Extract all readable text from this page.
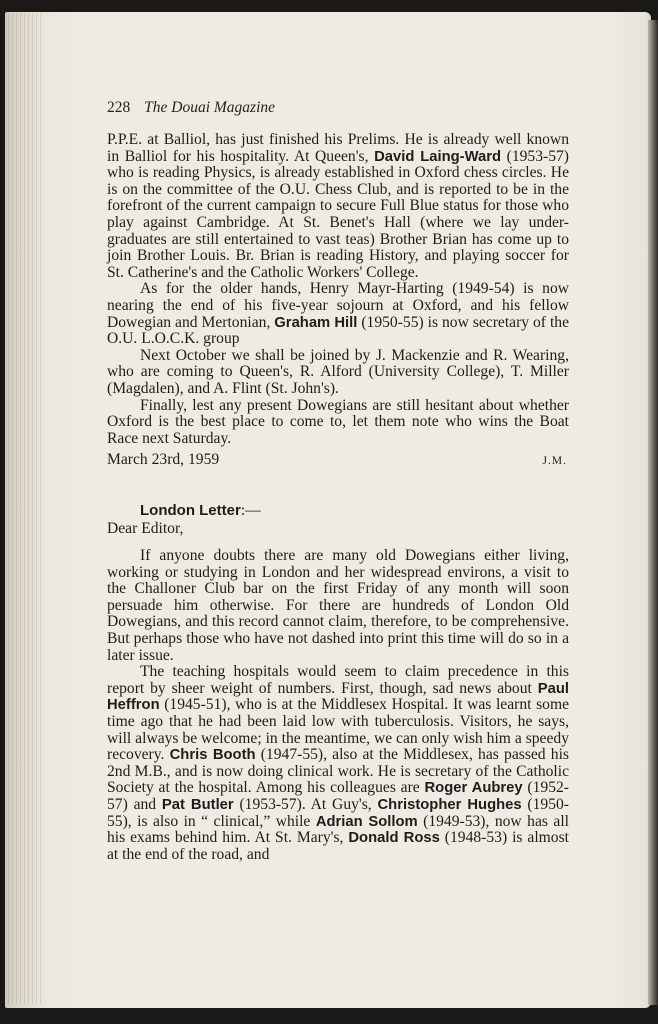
228 The Douai Magazine

P.P.E. at Balliol, has just finished his Prelims. He is already well known in Balliol for his hospitality. At Queen's, David Laing-Ward (1953-57) who is reading Physics, is already established in Oxford chess circles. He is on the committee of the O.U. Chess Club, and is reported to be in the forefront of the current campaign to secure Full Blue status for those who play against Cambridge. At St. Benet's Hall (where we lay under-graduates are still entertained to vast teas) Brother Brian has come up to join Brother Louis. Br. Brian is reading History, and playing soccer for St. Catherine's and the Catholic Workers' College.

As for the older hands, Henry Mayr-Harting (1949-54) is now nearing the end of his five-year sojourn at Oxford, and his fellow Dowegian and Mertonian, Graham Hill (1950-55) is now secretary of the O.U. L.O.C.K. group

Next October we shall be joined by J. Mackenzie and R. Wearing, who are coming to Queen's, R. Alford (University College), T. Miller (Magdalen), and A. Flint (St. John's).

Finally, lest any present Dowegians are still hesitant about whether Oxford is the best place to come to, let them note who wins the Boat Race next Saturday.

March 23rd, 1959	J.M.
London Letter:—

Dear Editor,

If anyone doubts there are many old Dowegians either living, working or studying in London and her widespread environs, a visit to the Challoner Club bar on the first Friday of any month will soon persuade him otherwise. For there are hundreds of London Old Dowegians, and this record cannot claim, therefore, to be comprehensive. But perhaps those who have not dashed into print this time will do so in a later issue.

The teaching hospitals would seem to claim precedence in this report by sheer weight of numbers. First, though, sad news about Paul Heffron (1945-51), who is at the Middlesex Hospital. It was learnt some time ago that he had been laid low with tuberculosis. Visitors, he says, will always be welcome; in the meantime, we can only wish him a speedy recovery. Chris Booth (1947-55), also at the Middlesex, has passed his 2nd M.B., and is now doing clinical work. He is secretary of the Catholic Society at the hospital. Among his colleagues are Roger Aubrey (1952-57) and Pat Butler (1953-57). At Guy's, Christopher Hughes (1950-55), is also in “ clinical,” while Adrian Sollom (1949-53), now has all his exams behind him. At St. Mary's, Donald Ross (1948-53) is almost at the end of the road, and
